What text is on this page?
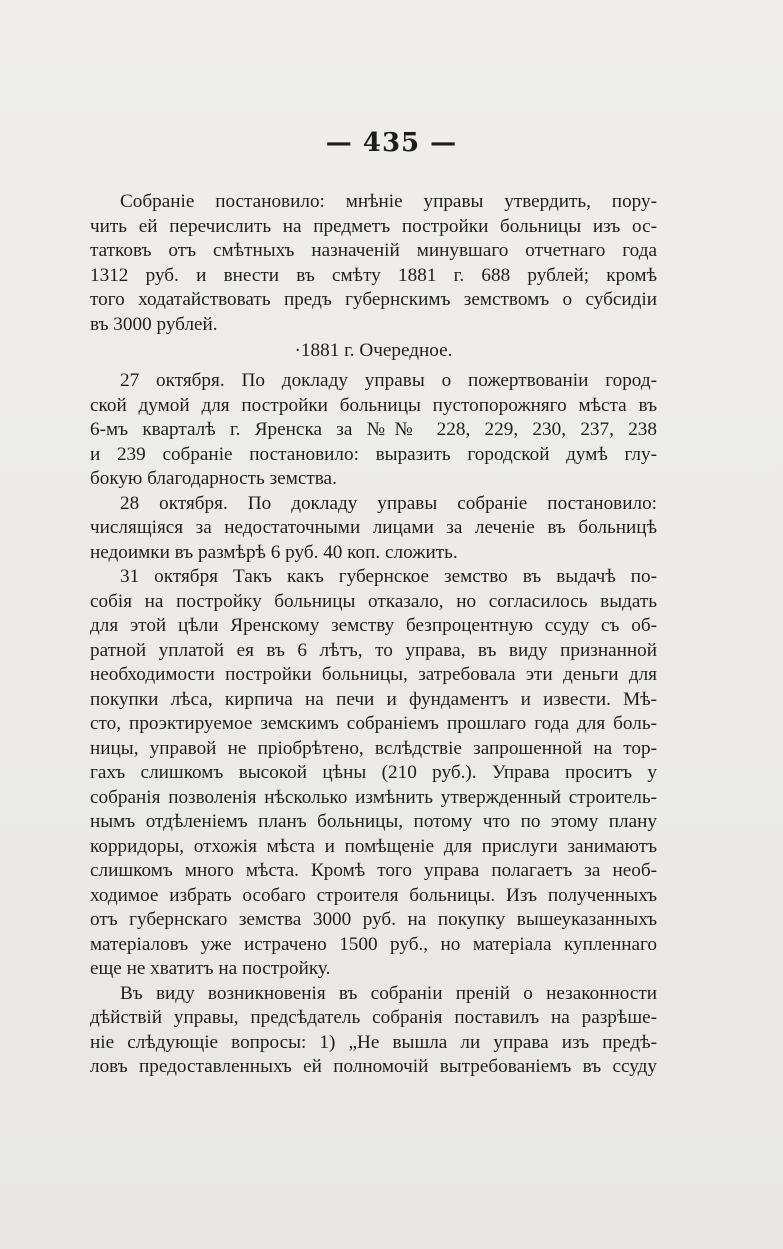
— 435 —
Собраніе постановило: мнѣніе управы утвердить, пору-
чить ей перечислить на предметъ постройки больницы изъ ос-
татковъ отъ смѣтныхъ назначеній минувшаго отчетнаго года
1312 руб. и внести въ смѣту 1881 г. 688 рублей; кромѣ
того ходатайствовать предъ губернскимъ земствомъ о субсидіи
въ 3000 рублей.
·1881 г. Очередное.
27 октября. По докладу управы о пожертвованіи город-
ской думой для постройки больницы пустопорожняго мѣста въ
6-мъ кварталѣ г. Яренска за №№ 228, 229, 230, 237, 238
и 239 собраніе постановило: выразить городской думѣ глу-
бокую благодарность земства.
28 октября. По докладу управы собраніе постановило:
числящіяся за недостаточными лицами за леченіе въ больницѣ
недоимки въ размѣрѣ 6 руб. 40 коп. сложить.
31 октября Такъ какъ губернское земство въ выдачѣ по-
собія на постройку больницы отказало, но согласилось выдать
для этой цѣли Яренскому земству безпроцентную ссуду съ об-
ратной уплатой ея въ 6 лѣтъ, то управа, въ виду признанной
необходимости постройки больницы, затребовала эти деньги для
покупки лѣса, кирпича на печи и фундаментъ и извести. Мѣ-
сто, проэктируемое земскимъ собраніемъ прошлаго года для боль-
ницы, управой не пріобрѣтено, вслѣдствіе запрошенной на тор-
гахъ слишкомъ высокой цѣны (210 руб.). Управа проситъ у
собранія позволенія нѣсколько измѣнить утвержденный строитель-
нымъ отдѣленіемъ планъ больницы, потому что по этому плану
корридоры, отхожія мѣста и помѣщеніе для прислуги занимаютъ
слишкомъ много мѣста. Кромѣ того управа полагаетъ за необ-
ходимое избрать особаго строителя больницы. Изъ полученныхъ
отъ губернскаго земства 3000 руб. на покупку вышеуказанныхъ
матеріаловъ уже истрачено 1500 руб., но матеріала купленнаго
еще не хватитъ на постройку.
Въ виду возникновенія въ собраніи преній о незаконности
дѣйствій управы, предсѣдатель собранія поставилъ на разрѣше-
ніе слѣдующіе вопросы: 1) „Не вышла ли управа изъ предѣ-
ловъ предоставленныхъ ей полномочій вытребованіемъ въ ссуду
